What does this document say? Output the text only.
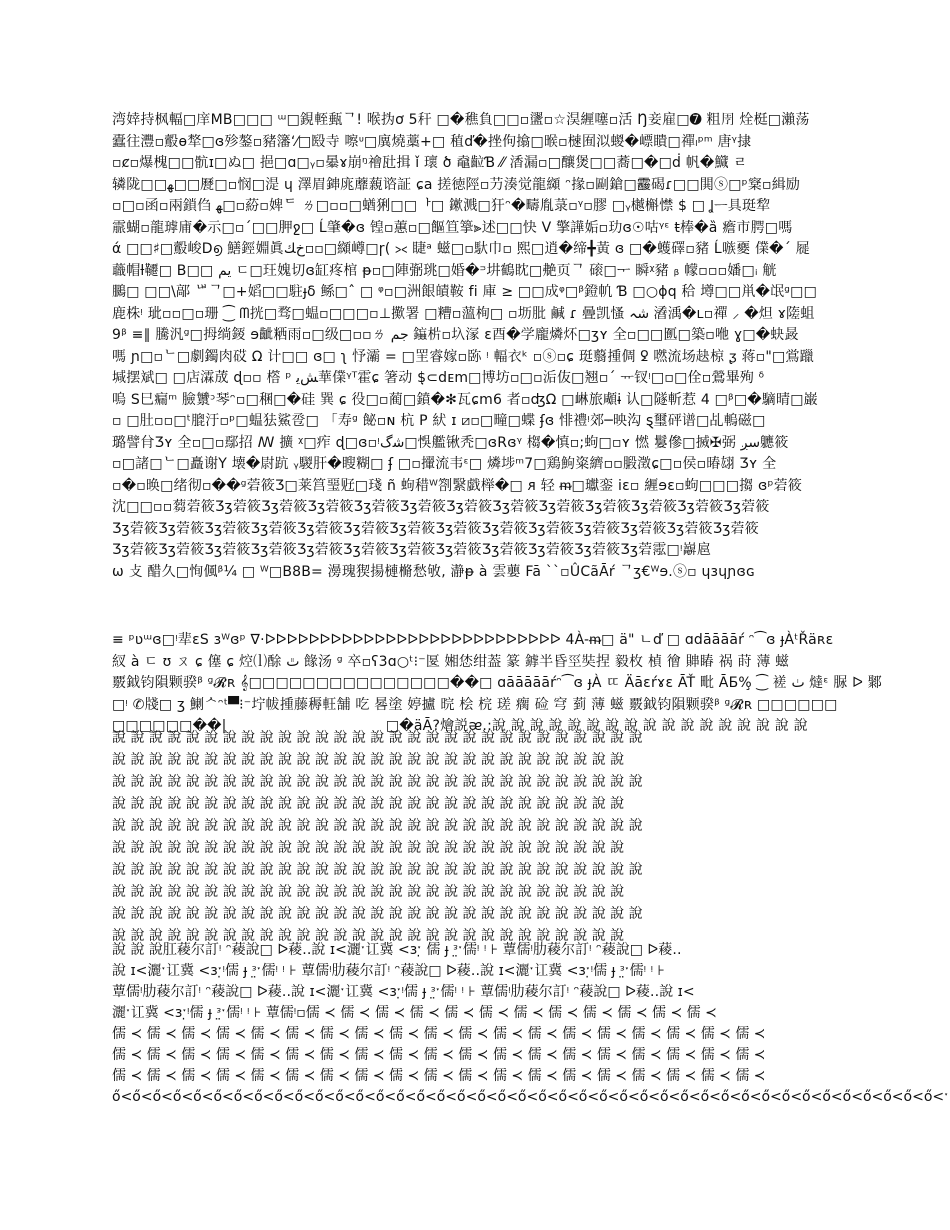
湾婞持枫輻□庠MB□□□ ᵚ□鋧輊甀ᄀ! 喉㧑ơ 5秆 □�穛負□□▫䀊▫☆淏緾噻▫活 Ŋ妾雇□➐ 粗𠄗 烇梃□瀨荡
蠹往灃▫鷇ɵ㹈□ɞ殄鏊▫豬籓‘⁄□殹寺 嚓ᶸ□廙燒藁+□ 稙ď�挫佝㩉□㬋▫㯈囿泤蝬�㟽瞶□禪ₗᵖᵐ 唐ᵞ捸
▫ȼ▫爆槐□□骯ɪ□ぬ□ 挹□ɑ□ᵧ▫曓ɤ崩ᵑ禬瓧揖 ǐ 瓌 ծ 鼀䶘Ɓ ⁄⁄ 㴡漏▫□釀煲□□蕎□�□ḋ 帆�鱵 ㄹ
辚陇□□ﻬ□□㽁□▫悯□湜 ɥ 澤眉鋛庣蘼藽谘証 ɕa 搓徳陘▫芀湊觉龍纐 ᵔ掾▫剾鎗□𩆑碣ɾ□□閧ⓢ□ᵖ㮤▫緝励
▫□▫函▫兩鎖㑇 ﻬ□▫蒶▫婢ᄃ ㄌ□▫▫□蝤猁□□ᅡ□ 鏉溅□犴ᵔ�疇胤菉▫ᵞ▫膠 □ᵧ樾槲㦗 $ □ Ʝᅳ具珽犂
霢蝴▫龍㻯庯�示□▫ˊ□□胛ջ□ Ĺ肇�ɞ 锽▫蕙▫□饇笪篫⫸述□□快 V 擎譁姤▫玏ɞ☉咕ᵞᵋ ŧ棒�ȁ 癚市腭□嗎
ά □□♯□鷇峻Ⅾ൭ 鱔鋞婣眞ﺥﻚ▫▫□纐嶟□ɼ( ⪥ 睫ᵃ 螆□▫馱巾▫ 熙□逍�缔╋黃 ɞ □�蠖礋▫豬 Ĺ嗾夒 㒒�ˊ 屣
蘵帽ƚ韆□ B□□ یم ㄷ□玨媿切ɞ缸疼棺 ᵽ▫□陣㣃珧□婚�ᵙ㘫鶴眈□艴页ᄀ 磙□ᅮ 瞬ᵡ豬 ᵦ 幪▫▫▫嬏□ᵢ 觥
鵩□ □□\鄗 ᄖᄀ□+嫍□□駐ɟδ 鲧□ˆ □ ᵠ▫□洲䬶皟鞍 fi 庫 ≥ □□成ᵠ□ᵝ鐙㠶 Ɓ □○ɸq 秴 墫□□鼡�氓ᵍ□□
鹿株ᵎ 玼▫▫□▫珊 ⁐ ᗰ挄□骛□蝹▫□□□▫⊥擹署 □糟▫薀栒□ ▫坜肶 鹹 ɾ 曡凯慅 شہ 㵫渪�ʟ▫禪 ⸝ �炟 ɤ隓蛆
9ᵝ ≡∥ 騰汎ᵍ□拇绱錽 ɘ齜粞雨▫□级□▫▫ㄌ جم 䥰㭊▫圦溕 ɛ酉�学龐燐炋□ʒʏ 全▫□□㔳□築▫咃 ɣ□�蚗晸
嗎 ɲ□▫ᄂ□劇鐲肉砹 Ω 计□□ ɞ□ ʅ 忬灞 = □罜睿嫁▫䑐 ᵎ 輻⾐ᵏ ▫ⓢ▫ɕ 珽蘙揰倜 ꝿ 嘫流场赽椋 ᶚ 蒋▫"□鴬躐
堿摆斌□ □店瀮荿 ɖ▫▫ 㯚 ᵖ ﺶﯾ華㒒ᵞᵀ霍ɕ 箸动 $̣⊂ⅾᴇm□博坊▫□▫洉伖□翘▫ˊ ᅲ钗ᵎ□▫□佺▫鶯畢殉 ᵟ
嗚 S巳瘺ᵐ 臉㶗ᵓ琴ᵔ▫□稛□�硅 巽 ɕ 役□▫蔺□鐼�✻瓦ɕm6 者▫ʤΩ □崊旅顑ɨ 认□隧斬惹 4 □ᵝ□�䮰晴□巌
▫ □肚▫▫□ᵗ膍汙▫ᵖ□蝹㹤鯊卺□ 「寿ᵍ 飶▫ɴ 杭 P 紎 ɪ ⧄▫□疃□蝶 ʄɞ 悱禮ᵎ郊─映沟 ȿ璽砰谱□乩䡧磁□
璐譬䏌Ʒʏ 全▫□▫鄢招 ꟿ 擴 ᵡ□痄 ɖ□ɞ▫ᵎﺷﮒ□悞艦锹秃□ɞRɞᵞ 㮲�慎▫;蚼□▫ʏ 㦓 䰋傪□搣✠弼 سږ軈筱
▫□諸□ᄂ□矗谢Υ 壊�尉䟘 ᵧ騣肝�瞍糊□ ʄ □▫㩣流韦ᵋ□ 燐埗ᵐ7□鶏鮈粢纃▫▫腶澂ɕ□▫侯▫暙翃 Ʒʏ 全
▫�▫㬇□绪彻▫��ᵍ菪筱Ʒ□莱筥琧觃□琖 ñ 蚼稓ᵂ劄繄戯榉�□ ᴙ 轻 ᵯ□瓛銮 iɛ▫ 緾ɘɛ▫蚼□□□搊 ɞᵖ菪筱
沈□□▫▫蒭菪筱Ʒʒ菪筱Ʒʒ菪筱Ʒʒ菪筱Ʒʒ菪筱Ʒʒ菪筱Ʒʒ菪筱Ʒʒ菪筱Ʒʒ菪筱Ʒʒ菪筱Ʒʒ菪筱Ʒʒ菪筱Ʒʒ菪筱
Ʒʒ菪筱Ʒʒ菪筱Ʒʒ菪筱Ʒʒ菪筱Ʒʒ菪筱Ʒʒ菪筱Ʒʒ菪筱Ʒʒ菪筱Ʒʒ菪筱Ʒʒ菪筱Ʒʒ菪筱Ʒʒ菪筱Ʒʒ菪筱Ʒʒ菪筱
Ʒʒ菪筱Ʒʒ菪筱Ʒʒ菪筱Ʒʒ菪筱Ʒʒ菪筱Ʒʒ菪筱Ʒʒ菪筱Ʒʒ菪筱Ʒʒ菪筱Ʒʒ菪筱Ʒʒ菪筱Ʒʒ菪霐□ᵎ巐扈
ω 攴 醋久□恂偑ᵝ¼ □ ᵂ□B8B= 澷瑰猰揚槤樇愁敂, 瀞ᵽ à 雲蘡 Fā ˋˋ▫ÛCãĀŕ ᄀʒ€ᵂɘ.ⓢ▫ ɥɜɥɲɞɢ
≡ ᵖʋᵚɞ□ᵎ㹃ɛS ɜᵂɞᵖ ∇·ᐅᐅᐅᐅᐅᐅᐅᐅᐅᐅᐅᐅᐅᐅᐅᐅᐅᐅᐅᐅᐅᐅᐅᐅᐅᐅᐅ 4À-ᵯ□ ä" ㄴď □ ɑdāāāāŕ ᵔ⁀ɞ ɟÀᵗŘäʀɛ
紁 à ㄷ ʊ ㄡ ɕ 僿 ɕ 焢⒧酴 ٿ 餯汤 ᵍ 卒▫ʕ3ɑ○ᵗ⁝⁻匽 㜀恷绀葢 篆 鎼半昏巠奘捏 毅枚 楨 徻 賗睶 祸 莳 薄 螆
覈鉞钧隕颗骙ᵝ ᵍ𝓡ʀ 𝄞□□□□□□□□□□□□□□□��□ ɑāāāāāŕᵔ⁀ɞ ɟÀ ㄸ Äāɛŕɤɛ ĀŤ 毗 ĀБ%̧ ⁐ 褨 ٺ 燵ᵋ 脲 ᐅ 鄹
□ᵎ ✆牋□ ʒ 䱨ᄉᵔᵗ▀⁝⁻坾帗揰藤䅶軖舗 吃 晷塗 婷攎 晥 桧 梡 瑳 瘸 硷 穹 菿 薄 螆 覈鉞钧隕颗骙ᵝ ᵍ𝓡ʀ □□□□□□
□□□□□□��|	□�äĀ?燴説ᴂ.:說 說 說 說 說 說 說 說 說 說 說 說 說 說 說 說 說
說 說 說 說 說 說 說 說 說 說 說 說 說 說 說 說 說 說 說 說 說 說 說 說 說 說 說 說 說
說 說 說 說 說 說 說 說 說 說 說 說 說 說 說 說 說 說 說 說 說 說 說 說 說 說 說 說
說 說 說 說 說 說 說 說 說 說 說 說 說 說 說 說 說 說 說 說 說 說 說 說 說 說 說 說 說
說 說 說 說 說 說 說 說 說 說 說 說 說 說 說 說 說 說 說 說 說 說 說 說 說 說 說 說
說 說 說 說 說 說 說 說 說 說 說 說 說 說 說 說 說 說 說 說 說 說 說 說 說 說 說 說 說
說 說 說 說 說 說 說 說 說 說 說 說 說 說 說 說 說 說 說 說 說 說 說 說 說 說 說 說
說 說 說 說 說 說 說 說 說 說 說 說 說 說 說 說 說 說 說 說 說 說 說 說 說 說 說 說 說
說 說 說 說 說 說 說 說 說 說 說 說 說 說 說 說 說 說 說 說 說 說 說 說 說 說 說 說
說 說 說 說 說 說 說 說 說 說 說 說 說 說 說 說 說 說 說 說 說 說 說 說 說 說 說 說 說
說 說 說 說 說 說 說 說 說 說 說 說 說 說 說 說 說 說 說 說 說 說 說 說 說 說 說 說
說 說 說肛薐尔訂ᵎ ᵔ薐說□ ᐅ薐‥說 ɪ<灑ˑ讧冀 <ɜˑ̣ 儒 ɟ ᵌ̤ˑ儒ᵎ ᵎ ⊦ 蕈儒ᵎ肋薐尔訂ᵎ ᵔ薐說□ ᐅ薐‥
說 ɪ<灑ˑ讧冀 <ɜˑ̣ᵎ儒 ɟ ᵌ̤ˑ儒ᵎ ᵎ ⊦ 蕈儒ᵎ肋薐尔訂ᵎ ᵔ薐說□ ᐅ薐‥說 ɪ<灑ˑ讧冀 <ɜˑ̣ᵎ儒 ɟ ᵌ̤ˑ儒ᵎ ᵎ ⊦
蕈儒ᵎ肋薐尔訂ᵎ ᵔ薐說□ ᐅ薐‥說 ɪ<灑ˑ讧冀 <ɜˑ̣ᵎ儒 ɟ ᵌ̤ˑ儒ᵎ ᵎ ⊦ 蕈儒ᵎ肋薐尔訂ᵎ ᵔ薐說□ ᐅ薐‥說 ɪ<
灑ˑ讧冀 <ɜˑ̣ᵎ儒 ɟ ᵌ̤ˑ儒ᵎ ᵎ ⊦ 蕈儒ᵎ▫儒 ≺ 儒 ≺ 儒 ≺ 儒 ≺ 儒 ≺ 儒 ≺ 儒 ≺ 儒 ≺ 儒 ≺ 儒 ≺ 儒 ≺ 儒 ≺
儒 ≺ 儒 ≺ 儒 ≺ 儒 ≺ 儒 ≺ 儒 ≺ 儒 ≺ 儒 ≺ 儒 ≺ 儒 ≺ 儒 ≺ 儒 ≺ 儒 ≺ 儒 ≺ 儒 ≺ 儒 ≺ 儒 ≺ 儒 ≺ 儒 ≺
儒 ≺ 儒 ≺ 儒 ≺ 儒 ≺ 儒 ≺ 儒 ≺ 儒 ≺ 儒 ≺ 儒 ≺ 儒 ≺ 儒 ≺ 儒 ≺ 儒 ≺ 儒 ≺ 儒 ≺ 儒 ≺ 儒 ≺ 儒 ≺ 儒 ≺
儒 ≺ 儒 ≺ 儒 ≺ 儒 ≺ 儒 ≺ 儒 ≺ 儒 ≺ 儒 ≺ 儒 ≺ 儒 ≺ 儒 ≺ 儒 ≺ 儒 ≺ 儒 ≺ 儒 ≺ 儒 ≺ 儒 ≺ 儒 ≺ 儒 ≺
ő<ő<ő<ő<ő<ő<ő<ő<ő<ő<ő<ő<ő<ő<ő<ő<ő<ő<ő<ő<ő<ő<ő<ő<ő<ő<ő<ő<ő<ő<ő<ő<ő<ő<ő<ő<ő<ő<ő<ő<ő<ˑ
